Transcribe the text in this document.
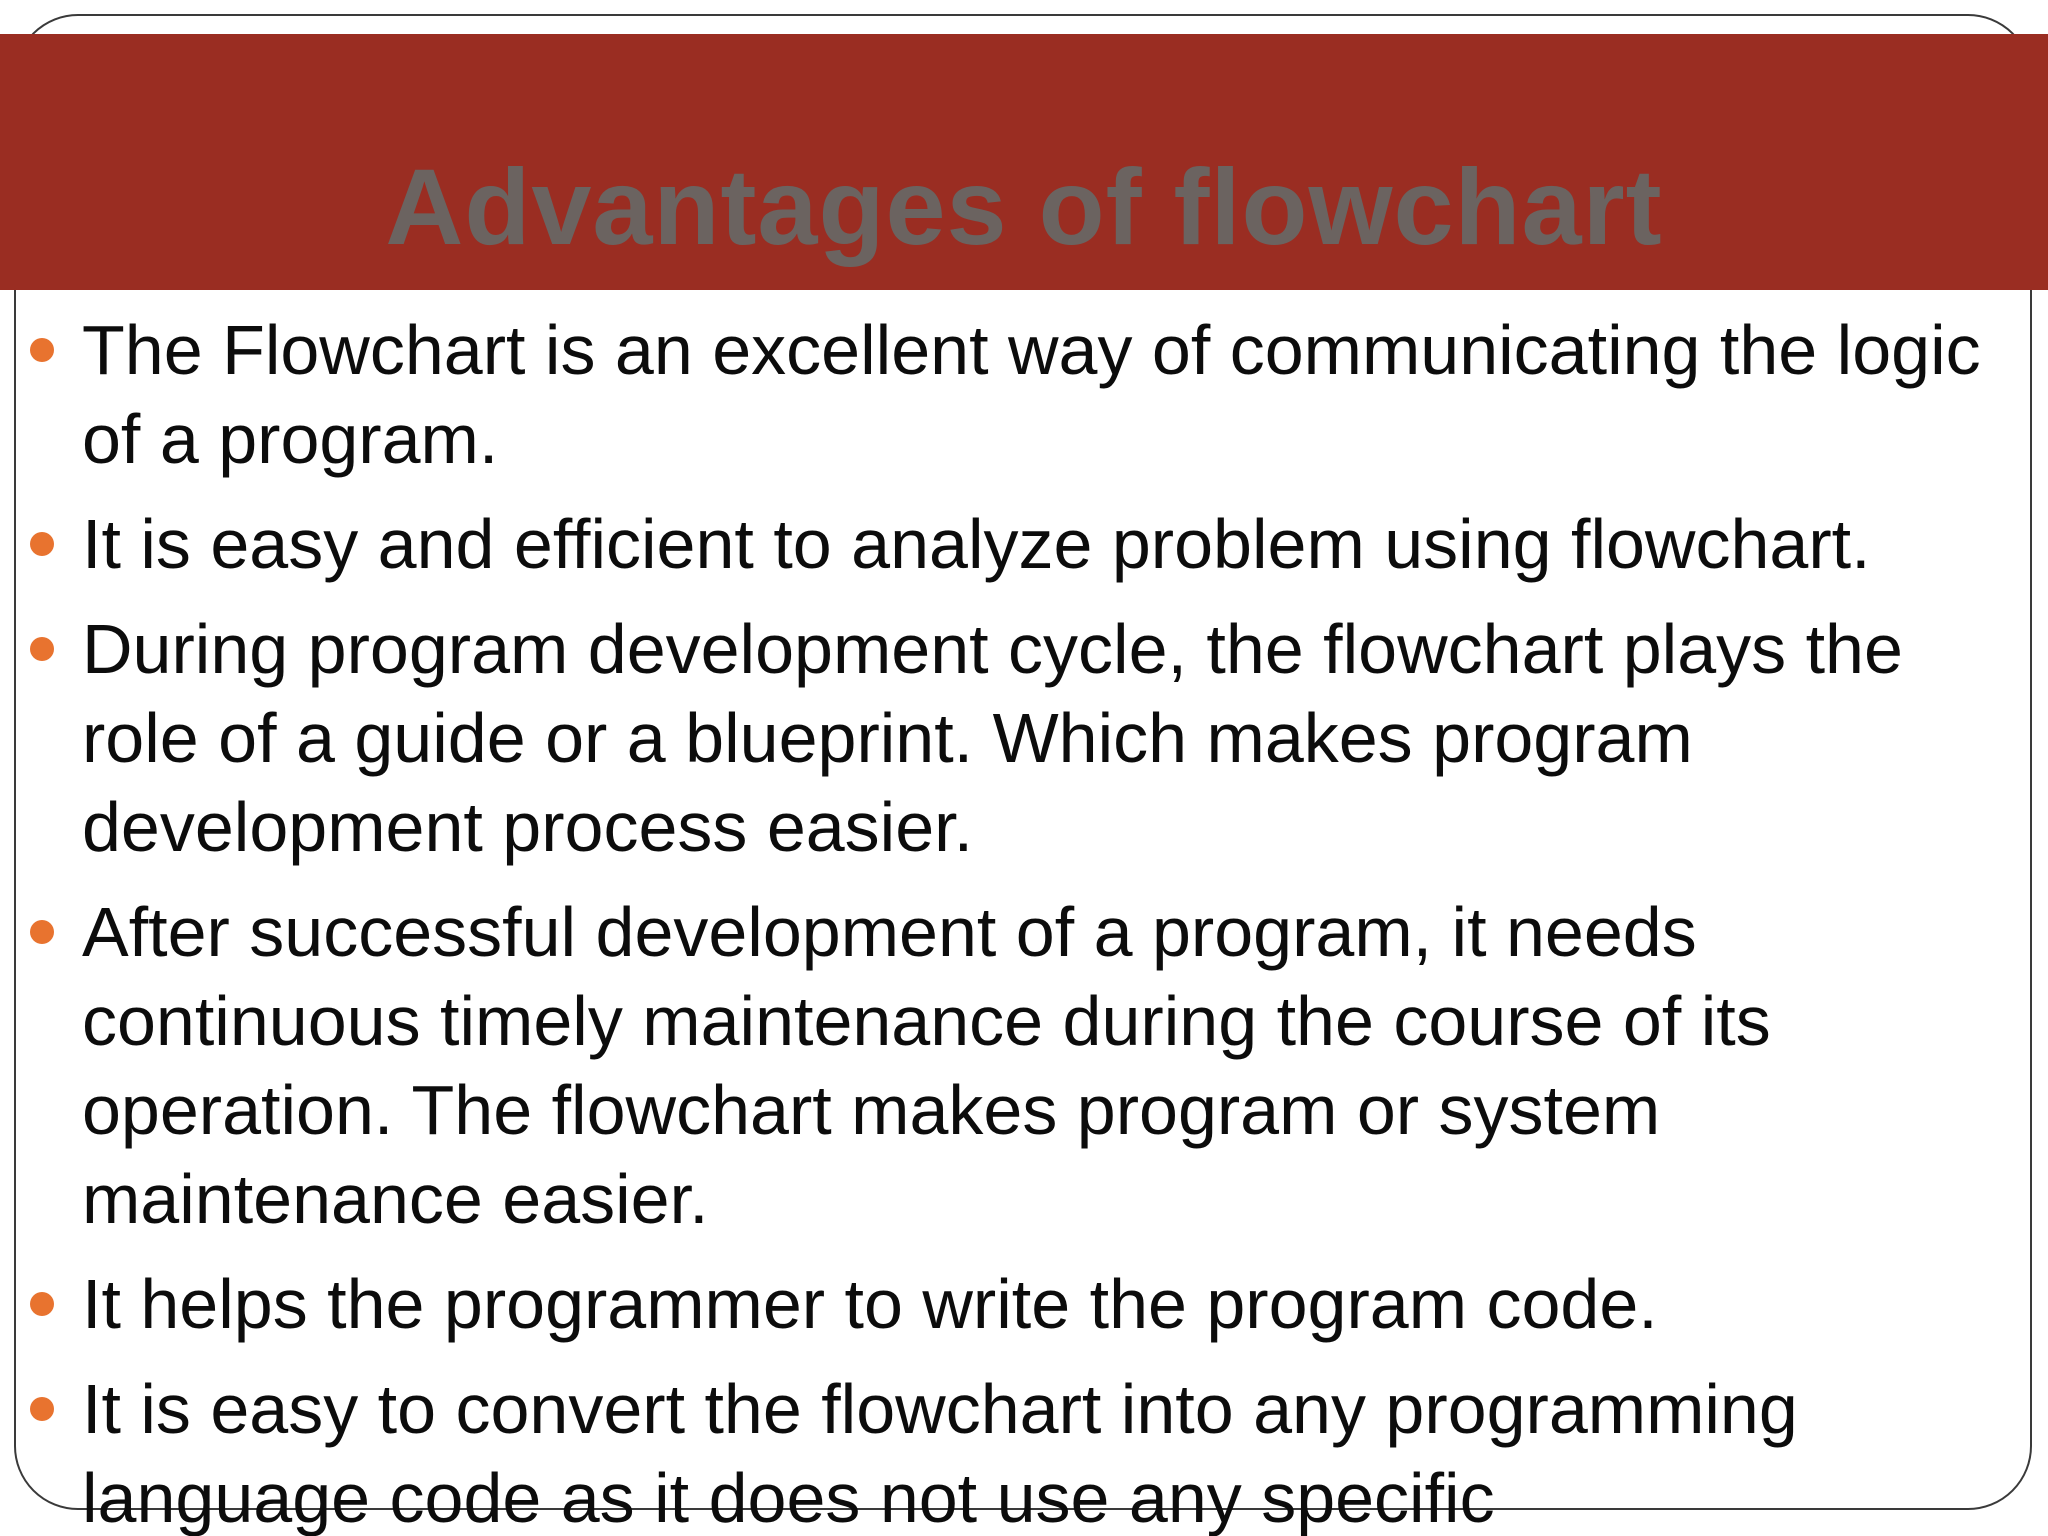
Advantages of flowchart
The Flowchart is an excellent way of communicating the logic of a program.
It is easy and efficient to analyze problem using flowchart.
During program development cycle, the flowchart plays the role of a guide or a blueprint. Which makes program development process easier.
After successful development of a program, it needs continuous timely maintenance during the course of its operation. The flowchart makes program or system maintenance easier.
It helps the programmer to write the program code.
It is easy to convert the flowchart into any programming language code as it does not use any specific
